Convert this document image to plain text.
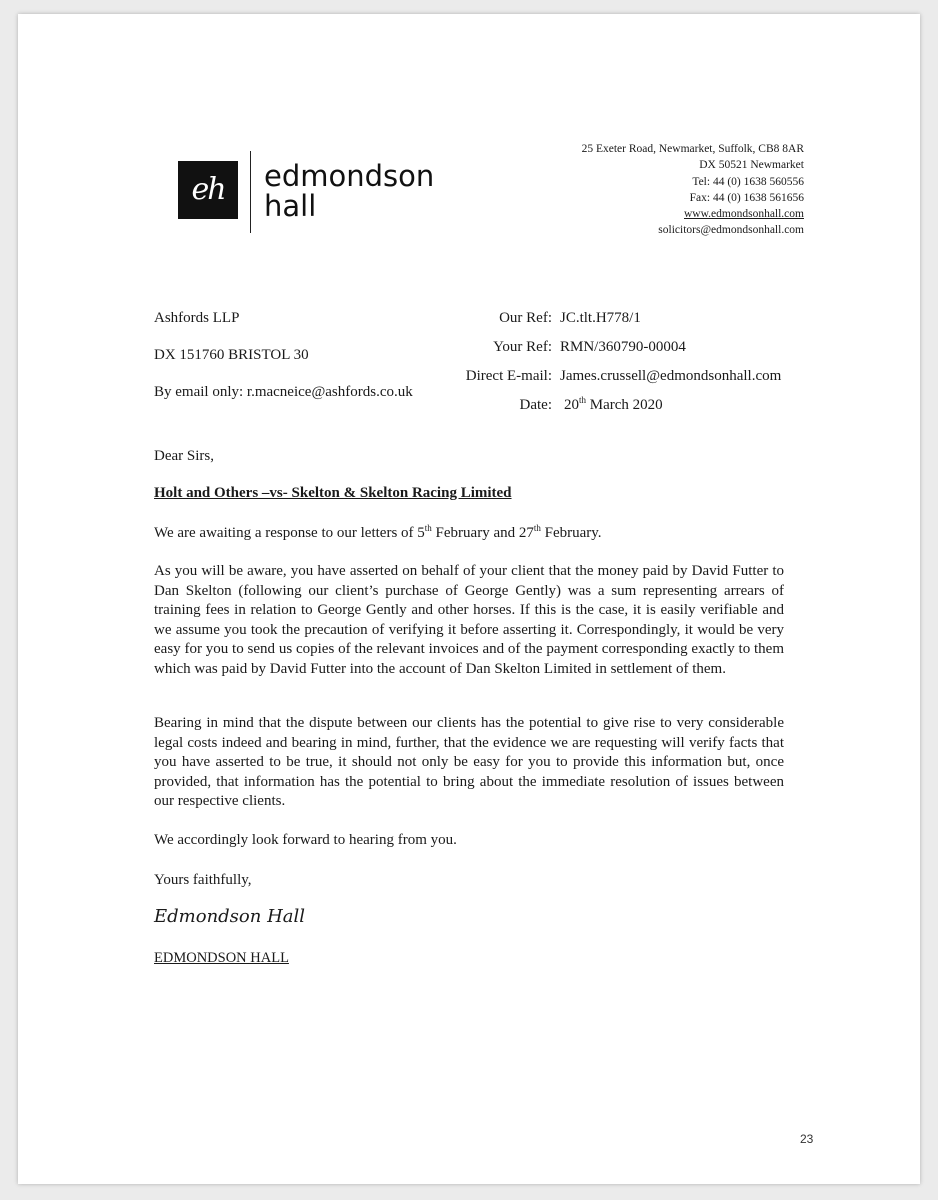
eh	edmondson
hall
25 Exeter Road, Newmarket, Suffolk, CB8 8AR
DX 50521 Newmarket
Tel: 44 (0) 1638 560556
Fax: 44 (0) 1638 561656
www.edmondsonhall.com
solicitors@edmondsonhall.com
Ashfords LLP
DX 151760 BRISTOL 30
By email only: r.macneice@ashfords.co.uk
Our Ref: JC.tlt.H778/1
Your Ref: RMN/360790-00004
Direct E-mail: James.crussell@edmondsonhall.com
Date: 20th March 2020
Dear Sirs,
Holt and Others –vs- Skelton & Skelton Racing Limited
We are awaiting a response to our letters of 5th February and 27th February.
As you will be aware, you have asserted on behalf of your client that the money paid by David Futter to Dan Skelton (following our client’s purchase of George Gently) was a sum representing arrears of training fees in relation to George Gently and other horses. If this is the case, it is easily verifiable and we assume you took the precaution of verifying it before asserting it. Correspondingly, it would be very easy for you to send us copies of the relevant invoices and of the payment corresponding exactly to them which was paid by David Futter into the account of Dan Skelton Limited in settlement of them.
Bearing in mind that the dispute between our clients has the potential to give rise to very considerable legal costs indeed and bearing in mind, further, that the evidence we are requesting will verify facts that you have asserted to be true, it should not only be easy for you to provide this information but, once provided, that information has the potential to bring about the immediate resolution of issues between our respective clients.
We accordingly look forward to hearing from you.
Yours faithfully,
Edmondson Hall
EDMONDSON HALL
23
